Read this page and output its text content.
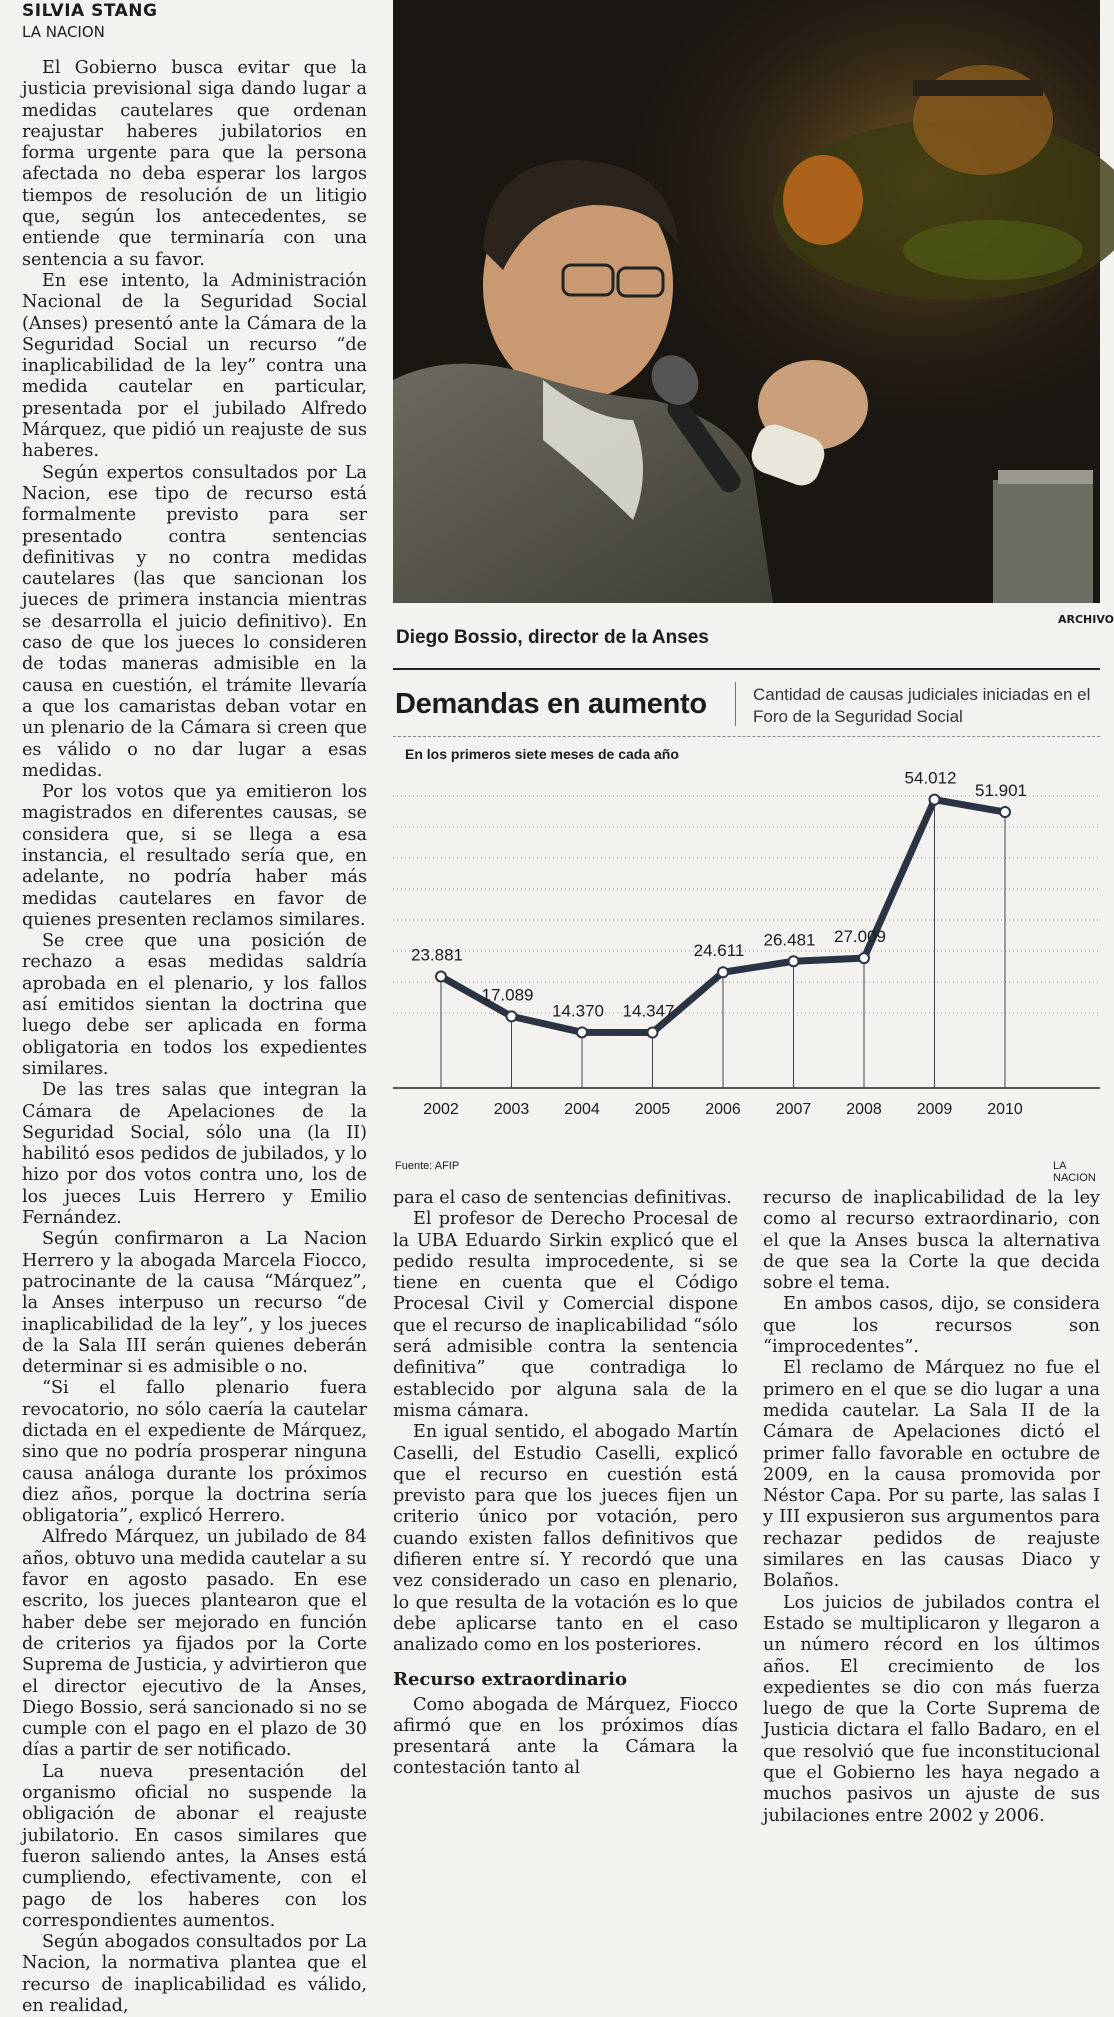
SILVIA STANG
LA NACION

El Gobierno busca evitar que la justicia previsional siga dando lugar a medidas cautelares que ordenan reajustar haberes jubilatorios en forma urgente para que la persona afectada no deba esperar los largos tiempos de resolución de un litigio que, según los antecedentes, se entiende que terminaría con una sentencia a su favor.

En ese intento, la Administración Nacional de la Seguridad Social (Anses) presentó ante la Cámara de la Seguridad Social un recurso “de inaplicabilidad de la ley” contra una medida cautelar en particular, presentada por el jubilado Alfredo Márquez, que pidió un reajuste de sus haberes.

Según expertos consultados por La Nacion, ese tipo de recurso está formalmente previsto para ser presentado contra sentencias definitivas y no contra medidas cautelares (las que sancionan los jueces de primera instancia mientras se desarrolla el juicio definitivo). En caso de que los jueces lo consideren de todas maneras admisible en la causa en cuestión, el trámite llevaría a que los camaristas deban votar en un plenario de la Cámara si creen que es válido o no dar lugar a esas medidas.

Por los votos que ya emitieron los magistrados en diferentes causas, se considera que, si se llega a esa instancia, el resultado sería que, en adelante, no podría haber más medidas cautelares en favor de quienes presenten reclamos similares.

Se cree que una posición de rechazo a esas medidas saldría aprobada en el plenario, y los fallos así emitidos sientan la doctrina que luego debe ser aplicada en forma obligatoria en todos los expedientes similares.

De las tres salas que integran la Cámara de Apelaciones de la Seguridad Social, sólo una (la II) habilitó esos pedidos de jubilados, y lo hizo por dos votos contra uno, los de los jueces Luis Herrero y Emilio Fernández.

Según confirmaron a La Nacion Herrero y la abogada Marcela Fiocco, patrocinante de la causa “Márquez”, la Anses interpuso un recurso “de inaplicabilidad de la ley”, y los jueces de la Sala III serán quienes deberán determinar si es admisible o no.

“Si el fallo plenario fuera revocatorio, no sólo caería la cautelar dictada en el expediente de Márquez, sino que no podría prosperar ninguna causa análoga durante los próximos diez años, porque la doctrina sería obligatoria”, explicó Herrero.

Alfredo Márquez, un jubilado de 84 años, obtuvo una medida cautelar a su favor en agosto pasado. En ese escrito, los jueces plantearon que el haber debe ser mejorado en función de criterios ya fijados por la Corte Suprema de Justicia, y advirtieron que el director ejecutivo de la Anses, Diego Bossio, será sancionado si no se cumple con el pago en el plazo de 30 días a partir de ser notificado.

La nueva presentación del organismo oficial no suspende la obligación de abonar el reajuste jubilatorio. En casos similares que fueron saliendo antes, la Anses está cumpliendo, efectivamente, con el pago de los haberes con los correspondientes aumentos.

Según abogados consultados por La Nacion, la normativa plantea que el recurso de inaplicabilidad es válido, en realidad,

ARCHIVO
Diego Bossio, director de la Anses
Demandas en aumento	Cantidad de causas judiciales iniciadas en el Foro de la Seguridad Social
En los primeros siete meses de cada año
23.881
2002
17.089
2003
14.370
2004
14.347
2005
24.611
2006
26.481
2007
27.009
2008
54.012
2009
51.901
2010
Fuente: AFIP	LA NACION

para el caso de sentencias definitivas.

El profesor de Derecho Procesal de la UBA Eduardo Sirkin explicó que el pedido resulta improcedente, si se tiene en cuenta que el Código Procesal Civil y Comercial dispone que el recurso de inaplicabilidad “sólo será admisible contra la sentencia definitiva” que contradiga lo establecido por alguna sala de la misma cámara.

En igual sentido, el abogado Martín Caselli, del Estudio Caselli, explicó que el recurso en cuestión está previsto para que los jueces fijen un criterio único por votación, pero cuando existen fallos definitivos que difieren entre sí. Y recordó que una vez considerado un caso en plenario, lo que resulta de la votación es lo que debe aplicarse tanto en el caso analizado como en los posteriores.

Recurso extraordinario

Como abogada de Márquez, Fiocco afirmó que en los próximos días presentará ante la Cámara la contestación tanto al

recurso de inaplicabilidad de la ley como al recurso extraordinario, con el que la Anses busca la alternativa de que sea la Corte la que decida sobre el tema.

En ambos casos, dijo, se considera que los recursos son “improcedentes”.

El reclamo de Márquez no fue el primero en el que se dio lugar a una medida cautelar. La Sala II de la Cámara de Apelaciones dictó el primer fallo favorable en octubre de 2009, en la causa promovida por Néstor Capa. Por su parte, las salas I y III expusieron sus argumentos para rechazar pedidos de reajuste similares en las causas Diaco y Bolaños.

Los juicios de jubilados contra el Estado se multiplicaron y llegaron a un número récord en los últimos años. El crecimiento de los expedientes se dio con más fuerza luego de que la Corte Suprema de Justicia dictara el fallo Badaro, en el que resolvió que fue inconstitucional que el Gobierno les haya negado a muchos pasivos un ajuste de sus jubilaciones entre 2002 y 2006.
